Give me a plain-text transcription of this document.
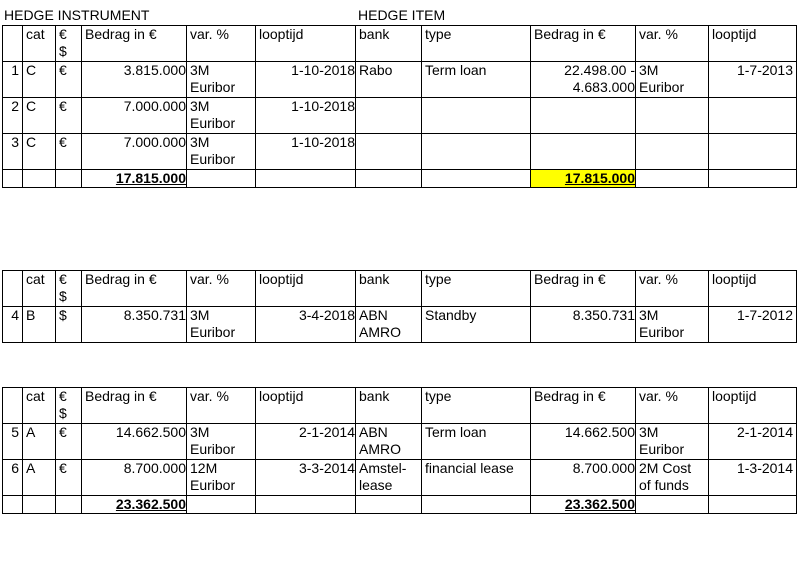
HEDGE INSTRUMENT	HEDGE ITEM
	cat	€ $	Bedrag in €	var. %	looptijd	bank	type	Bedrag in €	var. %	looptijd
1	C	€	3.815.000	3M Euribor	1-10-2018	Rabo	Term loan	22.498.00 - 4.683.000	3M Euribor	1-7-2013
2	C	€	7.000.000	3M Euribor	1-10-2018					
3	C	€	7.000.000	3M Euribor	1-10-2018					
			17.815.000					17.815.000		
	cat	€ $	Bedrag in €	var. %	looptijd	bank	type	Bedrag in €	var. %	looptijd
4	B	$	8.350.731	3M Euribor	3-4-2018	ABN AMRO	Standby	8.350.731	3M Euribor	1-7-2012
	cat	€ $	Bedrag in €	var. %	looptijd	bank	type	Bedrag in €	var. %	looptijd
5	A	€	14.662.500	3M Euribor	2-1-2014	ABN AMRO	Term loan	14.662.500	3M Euribor	2-1-2014
6	A	€	8.700.000	12M Euribor	3-3-2014	Amstel-lease	financial lease	8.700.000	2M Cost of funds	1-3-2014
			23.362.500					23.362.500		
